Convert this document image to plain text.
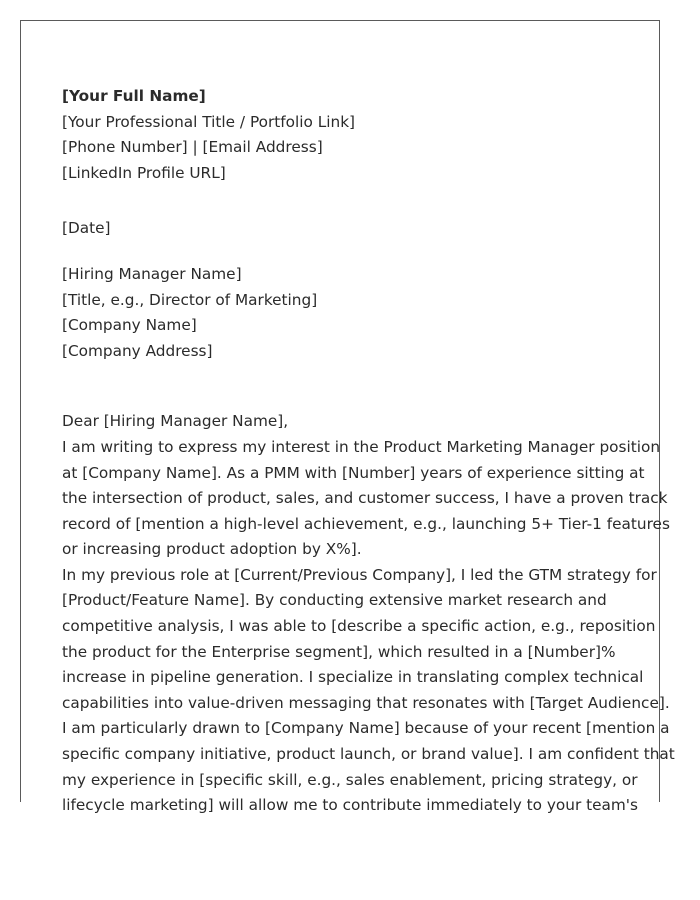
[Your Full Name]
[Your Professional Title / Portfolio Link]
[Phone Number] | [Email Address]
[LinkedIn Profile URL]
[Date]
[Hiring Manager Name]
[Title, e.g., Director of Marketing]
[Company Name]
[Company Address]
Dear [Hiring Manager Name],
I am writing to express my interest in the Product Marketing Manager position
at [Company Name]. As a PMM with [Number] years of experience sitting at
the intersection of product, sales, and customer success, I have a proven track
record of [mention a high-level achievement, e.g., launching 5+ Tier-1 features
or increasing product adoption by X%].
In my previous role at [Current/Previous Company], I led the GTM strategy for
[Product/Feature Name]. By conducting extensive market research and
competitive analysis, I was able to [describe a specific action, e.g., reposition
the product for the Enterprise segment], which resulted in a [Number]%
increase in pipeline generation. I specialize in translating complex technical
capabilities into value-driven messaging that resonates with [Target Audience].
I am particularly drawn to [Company Name] because of your recent [mention a
specific company initiative, product launch, or brand value]. I am confident that
my experience in [specific skill, e.g., sales enablement, pricing strategy, or
lifecycle marketing] will allow me to contribute immediately to your team's
